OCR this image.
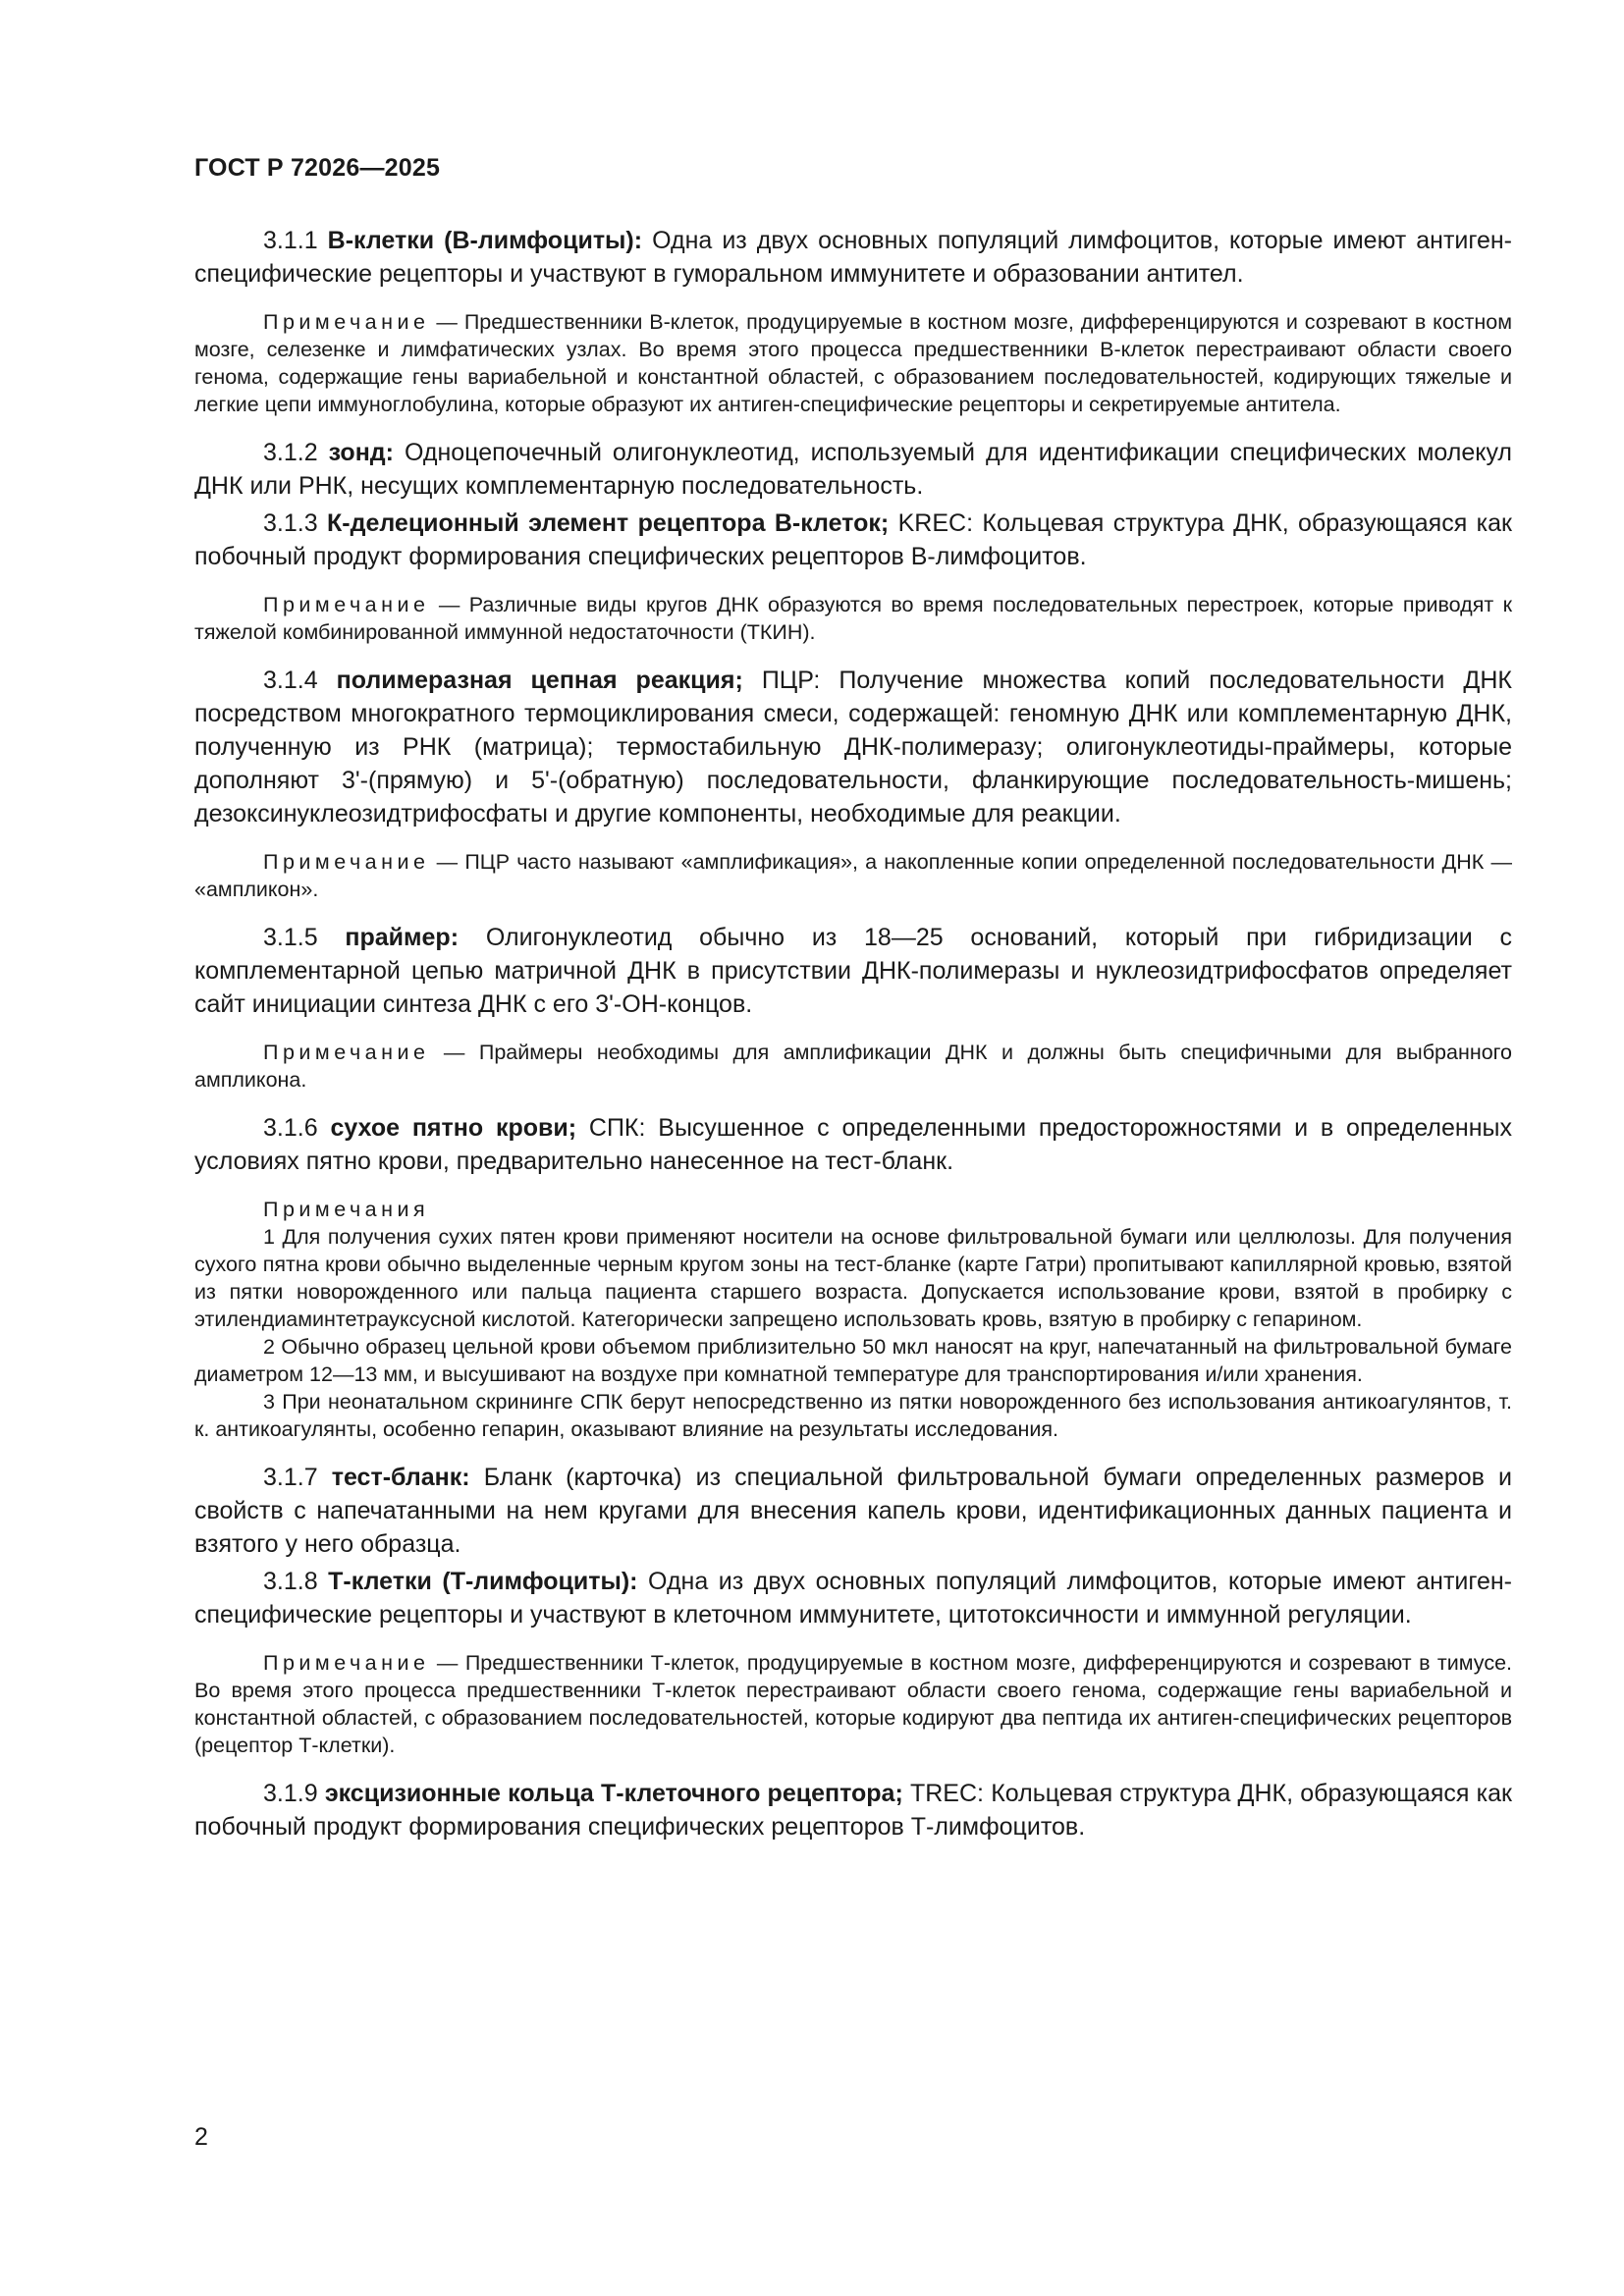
ГОСТ Р 72026—2025

3.1.1 В-клетки (В-лимфоциты): Одна из двух основных популяций лимфоцитов, которые имеют антиген-специфические рецепторы и участвуют в гуморальном иммунитете и образовании антител.

Примечание — Предшественники В-клеток, продуцируемые в костном мозге, дифференцируются и созревают в костном мозге, селезенке и лимфатических узлах. Во время этого процесса предшественники В-клеток перестраивают области своего генома, содержащие гены вариабельной и константной областей, с образованием последовательностей, кодирующих тяжелые и легкие цепи иммуноглобулина, которые образуют их антиген-специфические рецепторы и секретируемые антитела.

3.1.2 зонд: Одноцепочечный олигонуклеотид, используемый для идентификации специфических молекул ДНК или РНК, несущих комплементарную последовательность.

3.1.3 К-делеционный элемент рецептора В-клеток; KREC: Кольцевая структура ДНК, образующаяся как побочный продукт формирования специфических рецепторов В-лимфоцитов.

Примечание — Различные виды кругов ДНК образуются во время последовательных перестроек, которые приводят к тяжелой комбинированной иммунной недостаточности (ТКИН).

3.1.4 полимеразная цепная реакция; ПЦР: Получение множества копий последовательности ДНК посредством многократного термоциклирования смеси, содержащей: геномную ДНК или комплементарную ДНК, полученную из РНК (матрица); термостабильную ДНК-полимеразу; олигонуклеотиды-праймеры, которые дополняют 3'-(прямую) и 5'-(обратную) последовательности, фланкирующие последовательность-мишень; дезоксинуклеозидтрифосфаты и другие компоненты, необходимые для реакции.

Примечание — ПЦР часто называют «амплификация», а накопленные копии определенной последовательности ДНК — «ампликон».

3.1.5 праймер: Олигонуклеотид обычно из 18—25 оснований, который при гибридизации с комплементарной цепью матричной ДНК в присутствии ДНК-полимеразы и нуклеозидтрифосфатов определяет сайт инициации синтеза ДНК с его 3'-ОН-концов.

Примечание — Праймеры необходимы для амплификации ДНК и должны быть специфичными для выбранного ампликона.

3.1.6 сухое пятно крови; СПК: Высушенное с определенными предосторожностями и в определенных условиях пятно крови, предварительно нанесенное на тест-бланк.

Примечания

1 Для получения сухих пятен крови применяют носители на основе фильтровальной бумаги или целлюлозы. Для получения сухого пятна крови обычно выделенные черным кругом зоны на тест-бланке (карте Гатри) пропитывают капиллярной кровью, взятой из пятки новорожденного или пальца пациента старшего возраста. Допускается использование крови, взятой в пробирку с этилендиаминтетрауксусной кислотой. Категорически запрещено использовать кровь, взятую в пробирку с гепарином.

2 Обычно образец цельной крови объемом приблизительно 50 мкл наносят на круг, напечатанный на фильтровальной бумаге диаметром 12—13 мм, и высушивают на воздухе при комнатной температуре для транспортирования и/или хранения.

3 При неонатальном скрининге СПК берут непосредственно из пятки новорожденного без использования антикоагулянтов, т. к. антикоагулянты, особенно гепарин, оказывают влияние на результаты исследования.

3.1.7 тест-бланк: Бланк (карточка) из специальной фильтровальной бумаги определенных размеров и свойств с напечатанными на нем кругами для внесения капель крови, идентификационных данных пациента и взятого у него образца.

3.1.8 Т-клетки (Т-лимфоциты): Одна из двух основных популяций лимфоцитов, которые имеют антиген-специфические рецепторы и участвуют в клеточном иммунитете, цитотоксичности и иммунной регуляции.

Примечание — Предшественники Т-клеток, продуцируемые в костном мозге, дифференцируются и созревают в тимусе. Во время этого процесса предшественники Т-клеток перестраивают области своего генома, содержащие гены вариабельной и константной областей, с образованием последовательностей, которые кодируют два пептида их антиген-специфических рецепторов (рецептор Т-клетки).

3.1.9 эксцизионные кольца Т-клеточного рецептора; TREC: Кольцевая структура ДНК, образующаяся как побочный продукт формирования специфических рецепторов Т-лимфоцитов.

2
